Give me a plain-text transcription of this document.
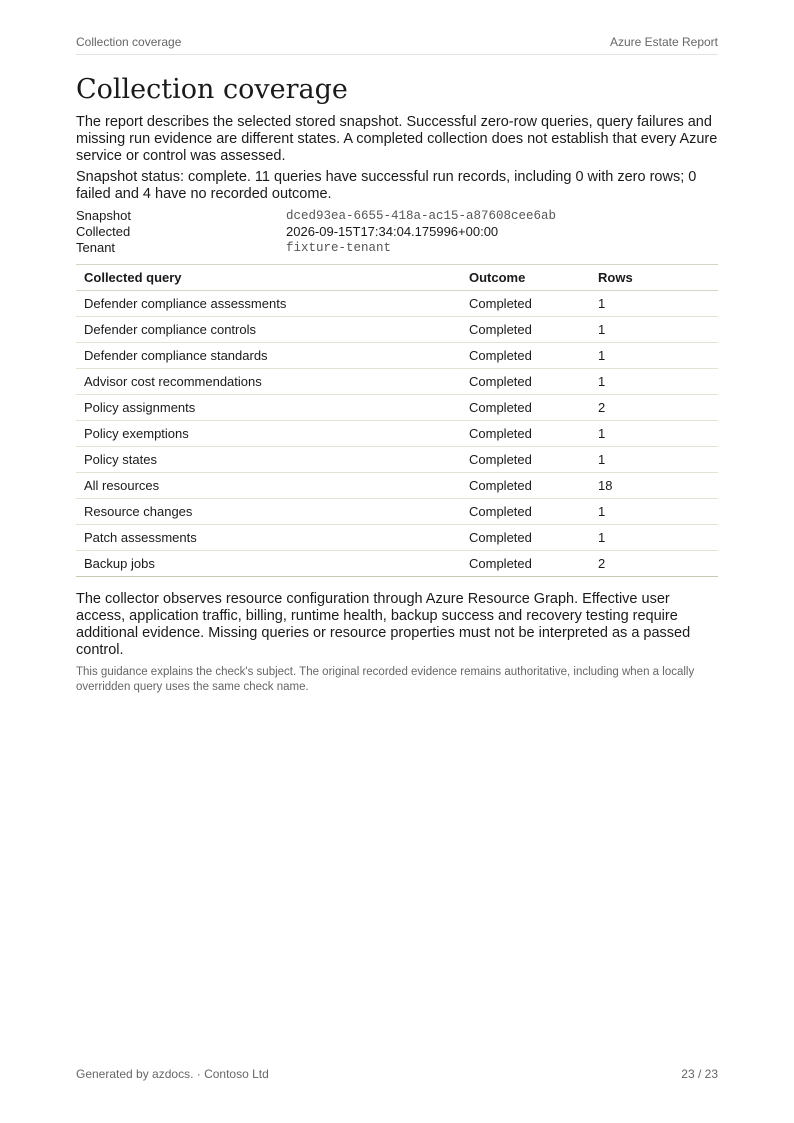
Collection coverage	Azure Estate Report
Collection coverage

The report describes the selected stored snapshot. Successful zero-row queries, query failures and missing run evidence are different states. A completed collection does not establish that every Azure service or control was assessed.

Snapshot status: complete. 11 queries have successful run records, including 0 with zero rows; 0 failed and 4 have no recorded outcome.

Snapshot	dced93ea-6655-418a-ac15-a87608cee6ab
Collected	2026-09-15T17:34:04.175996+00:00
Tenant	fixture-tenant
Collected query	Outcome	Rows
Defender compliance assessments	Completed	1
Defender compliance controls	Completed	1
Defender compliance standards	Completed	1
Advisor cost recommendations	Completed	1
Policy assignments	Completed	2
Policy exemptions	Completed	1
Policy states	Completed	1
All resources	Completed	18
Resource changes	Completed	1
Patch assessments	Completed	1
Backup jobs	Completed	2

The collector observes resource configuration through Azure Resource Graph. Effective user access, application traffic, billing, runtime health, backup success and recovery testing require additional evidence. Missing queries or resource properties must not be interpreted as a passed control.

This guidance explains the check's subject. The original recorded evidence remains authoritative, including when a locally overridden query uses the same check name.

Generated by azdocs. · Contoso Ltd	23 / 23
